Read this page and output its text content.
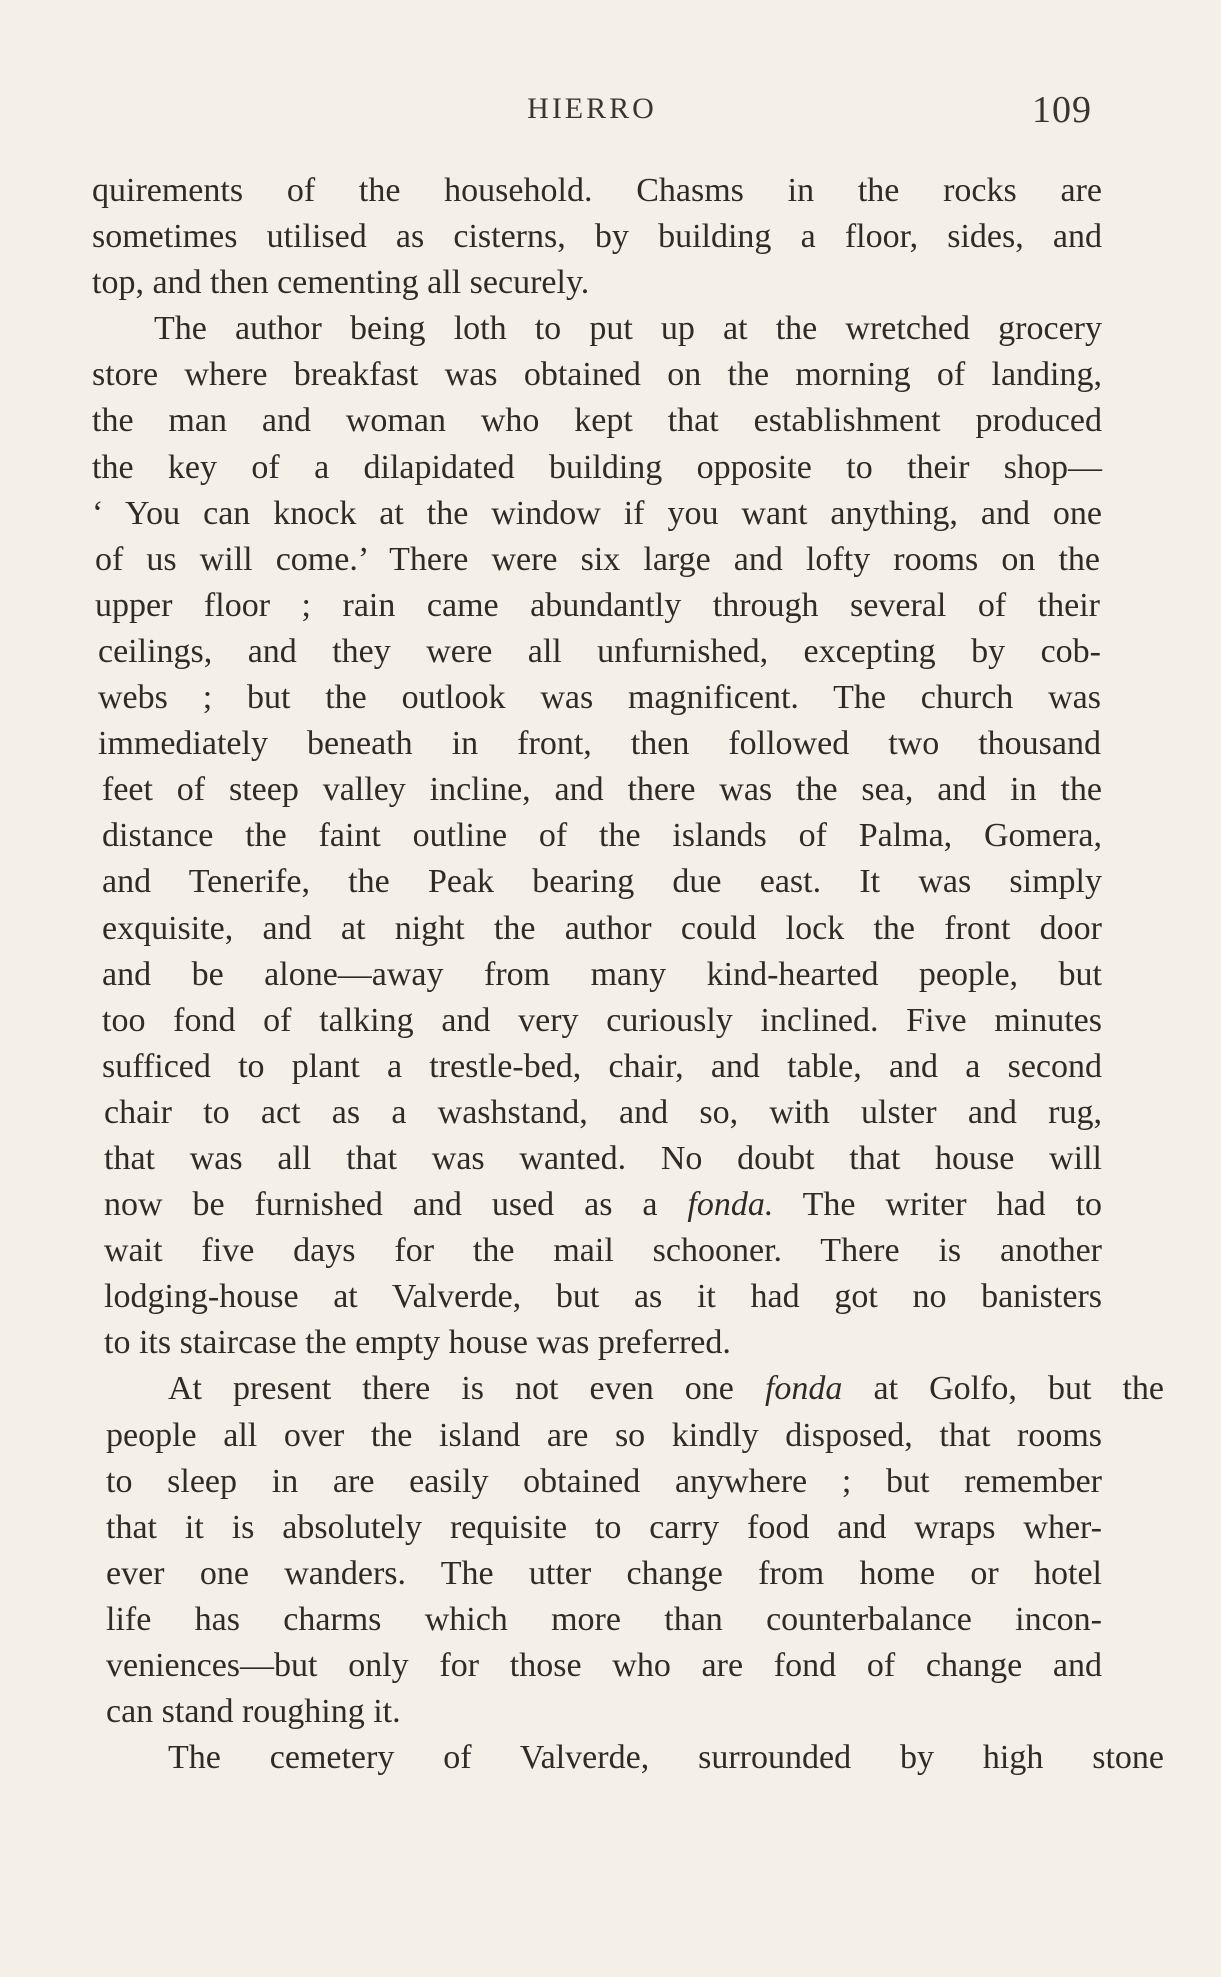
HIERRO	109
quirements of the household. Chasms in the rocks are
sometimes utilised as cisterns, by building a floor, sides, and
top, and then cementing all securely.
The author being loth to put up at the wretched grocery
store where breakfast was obtained on the morning of landing,
the man and woman who kept that establishment produced
the key of a dilapidated building opposite to their shop—
‘ You can knock at the window if you want anything, and one
of us will come.’ There were six large and lofty rooms on the
upper floor ; rain came abundantly through several of their
ceilings, and they were all unfurnished, excepting by cob-
webs ; but the outlook was magnificent. The church was
immediately beneath in front, then followed two thousand
feet of steep valley incline, and there was the sea, and in the
distance the faint outline of the islands of Palma, Gomera,
and Tenerife, the Peak bearing due east. It was simply
exquisite, and at night the author could lock the front door
and be alone—away from many kind-hearted people, but
too fond of talking and very curiously inclined. Five minutes
sufficed to plant a trestle-bed, chair, and table, and a second
chair to act as a washstand, and so, with ulster and rug,
that was all that was wanted. No doubt that house will
now be furnished and used as a fonda. The writer had to
wait five days for the mail schooner. There is another
lodging-house at Valverde, but as it had got no banisters
to its staircase the empty house was preferred.
At present there is not even one fonda at Golfo, but the
people all over the island are so kindly disposed, that rooms
to sleep in are easily obtained anywhere ; but remember
that it is absolutely requisite to carry food and wraps wher-
ever one wanders. The utter change from home or hotel
life has charms which more than counterbalance incon-
veniences—but only for those who are fond of change and
can stand roughing it.
The cemetery of Valverde, surrounded by high stone
